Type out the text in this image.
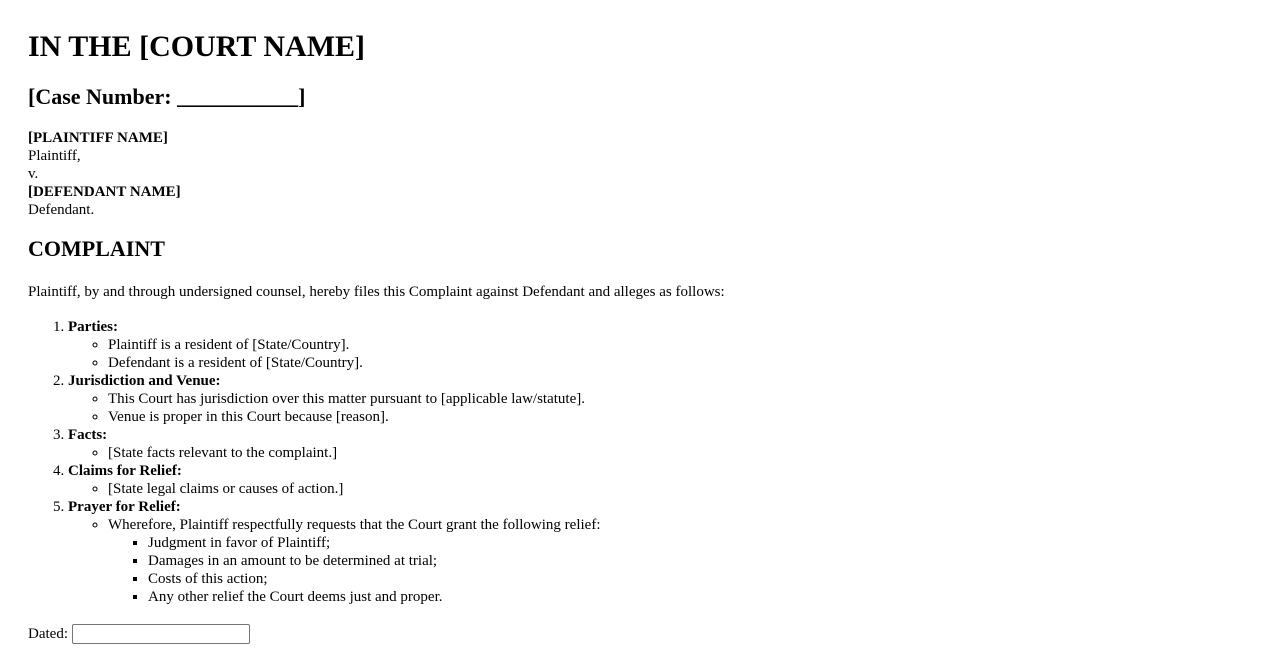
IN THE [COURT NAME]
[Case Number: ___________]
[PLAINTIFF NAME]
Plaintiff,
v.
[DEFENDANT NAME]
Defendant.
COMPLAINT

Plaintiff, by and through undersigned counsel, hereby files this Complaint against Defendant and alleges as follows:

1. Parties:
◦ Plaintiff is a resident of [State/Country].
◦ Defendant is a resident of [State/Country].
2. Jurisdiction and Venue:
◦ This Court has jurisdiction over this matter pursuant to [applicable law/statute].
◦ Venue is proper in this Court because [reason].
3. Facts:
◦ [State facts relevant to the complaint.]
4. Claims for Relief:
◦ [State legal claims or causes of action.]
5. Prayer for Relief:
◦ Wherefore, Plaintiff respectfully requests that the Court grant the following relief:
▪ Judgment in favor of Plaintiff;
▪ Damages in an amount to be determined at trial;
▪ Costs of this action;
▪ Any other relief the Court deems just and proper.
Dated:
